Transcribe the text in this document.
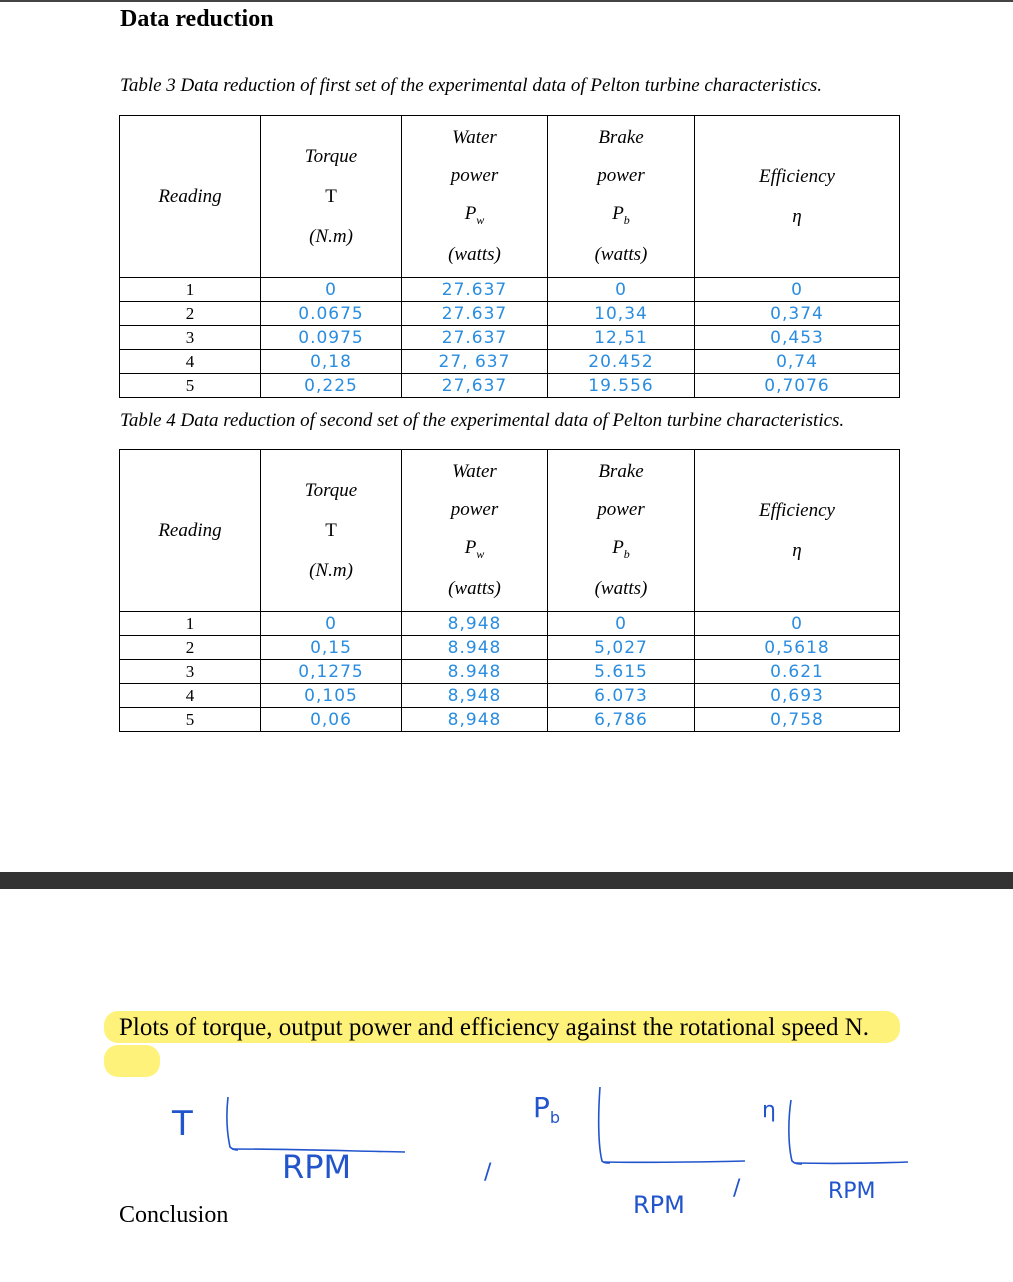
Data reduction
Table 3 Data reduction of first set of the experimental data of Pelton turbine characteristics.
Reading	Torque
T
(N.m)	Water
power
$P_w$
(watts)	Brake
power
$P_b$
(watts)	Efficiency
η

1	0	27.637	0	0
2	0.0675	27.637	10,34	0,374
3	0.0975	27.637	12,51	0,453
4	0,18	27, 637	20.452	0,74
5	0,225	27,637	19.556	0,7076
Table 4 Data reduction of second set of the experimental data of Pelton turbine characteristics.
Reading	Torque
T
(N.m)	Water
power
$P_w$
(watts)	Brake
power
$P_b$
(watts)	Efficiency
η

1	0	8,948	0	0
2	0,15	8.948	5,027	0,5618
3	0,1275	8.948	5.615	0.621
4	0,105	8,948	6.073	0,693
5	0,06	8,948	6,786	0,758
Plots of torque, output power and efficiency against the rotational speed N.
T
RPM	/
$P_b$
RPM
/
η
RPM
Conclusion
